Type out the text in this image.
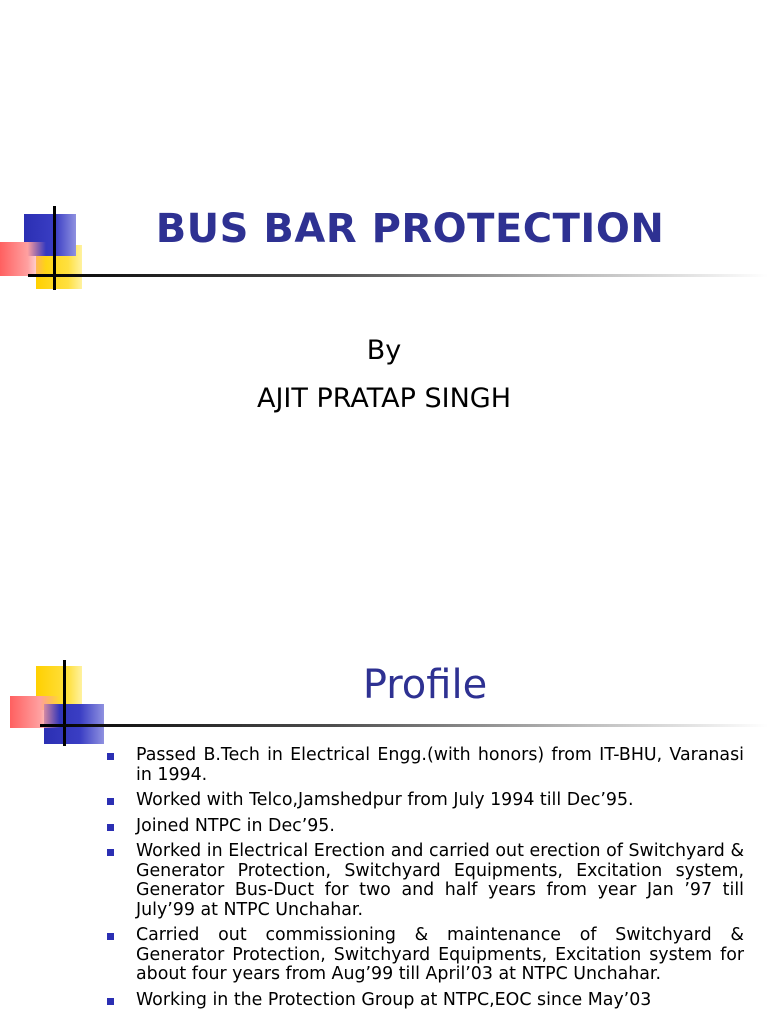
BUS BAR PROTECTION
By
AJIT PRATAP SINGH
Profile
Passed B.Tech in Electrical Engg.(with honors) from IT-BHU, Varanasi in 1994.
Worked with Telco,Jamshedpur from July 1994 till Dec’95.
Joined NTPC in Dec’95.
Worked in Electrical Erection and carried out erection of Switchyard & Generator Protection, Switchyard Equipments, Excitation system, Generator Bus-Duct for two and half years from year Jan ’97 till July’99 at NTPC Unchahar.
Carried out commissioning & maintenance of Switchyard & Generator Protection, Switchyard Equipments, Excitation system for about four years from Aug’99 till April’03 at NTPC Unchahar.
Working in the Protection Group at NTPC,EOC since May’03
